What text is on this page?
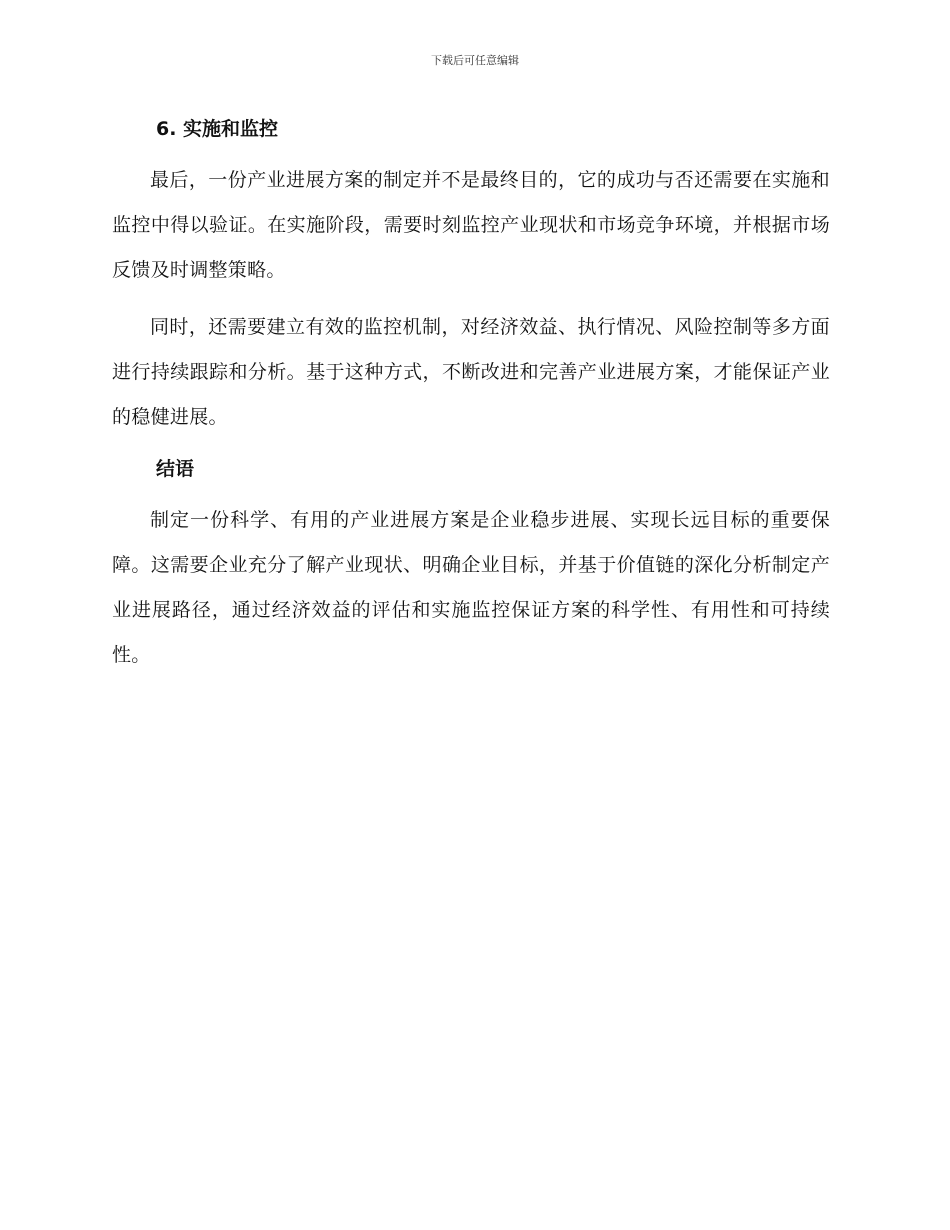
下载后可任意编辑
6. 实施和监控

最后，一份产业进展方案的制定并不是最终目的，它的成功与否还需要在实施和监控中得以验证。在实施阶段，需要时刻监控产业现状和市场竞争环境，并根据市场反馈及时调整策略。

同时，还需要建立有效的监控机制，对经济效益、执行情况、风险控制等多方面进行持续跟踪和分析。基于这种方式，不断改进和完善产业进展方案，才能保证产业的稳健进展。

结语

制定一份科学、有用的产业进展方案是企业稳步进展、实现长远目标的重要保障。这需要企业充分了解产业现状、明确企业目标，并基于价值链的深化分析制定产业进展路径，通过经济效益的评估和实施监控保证方案的科学性、有用性和可持续性。
